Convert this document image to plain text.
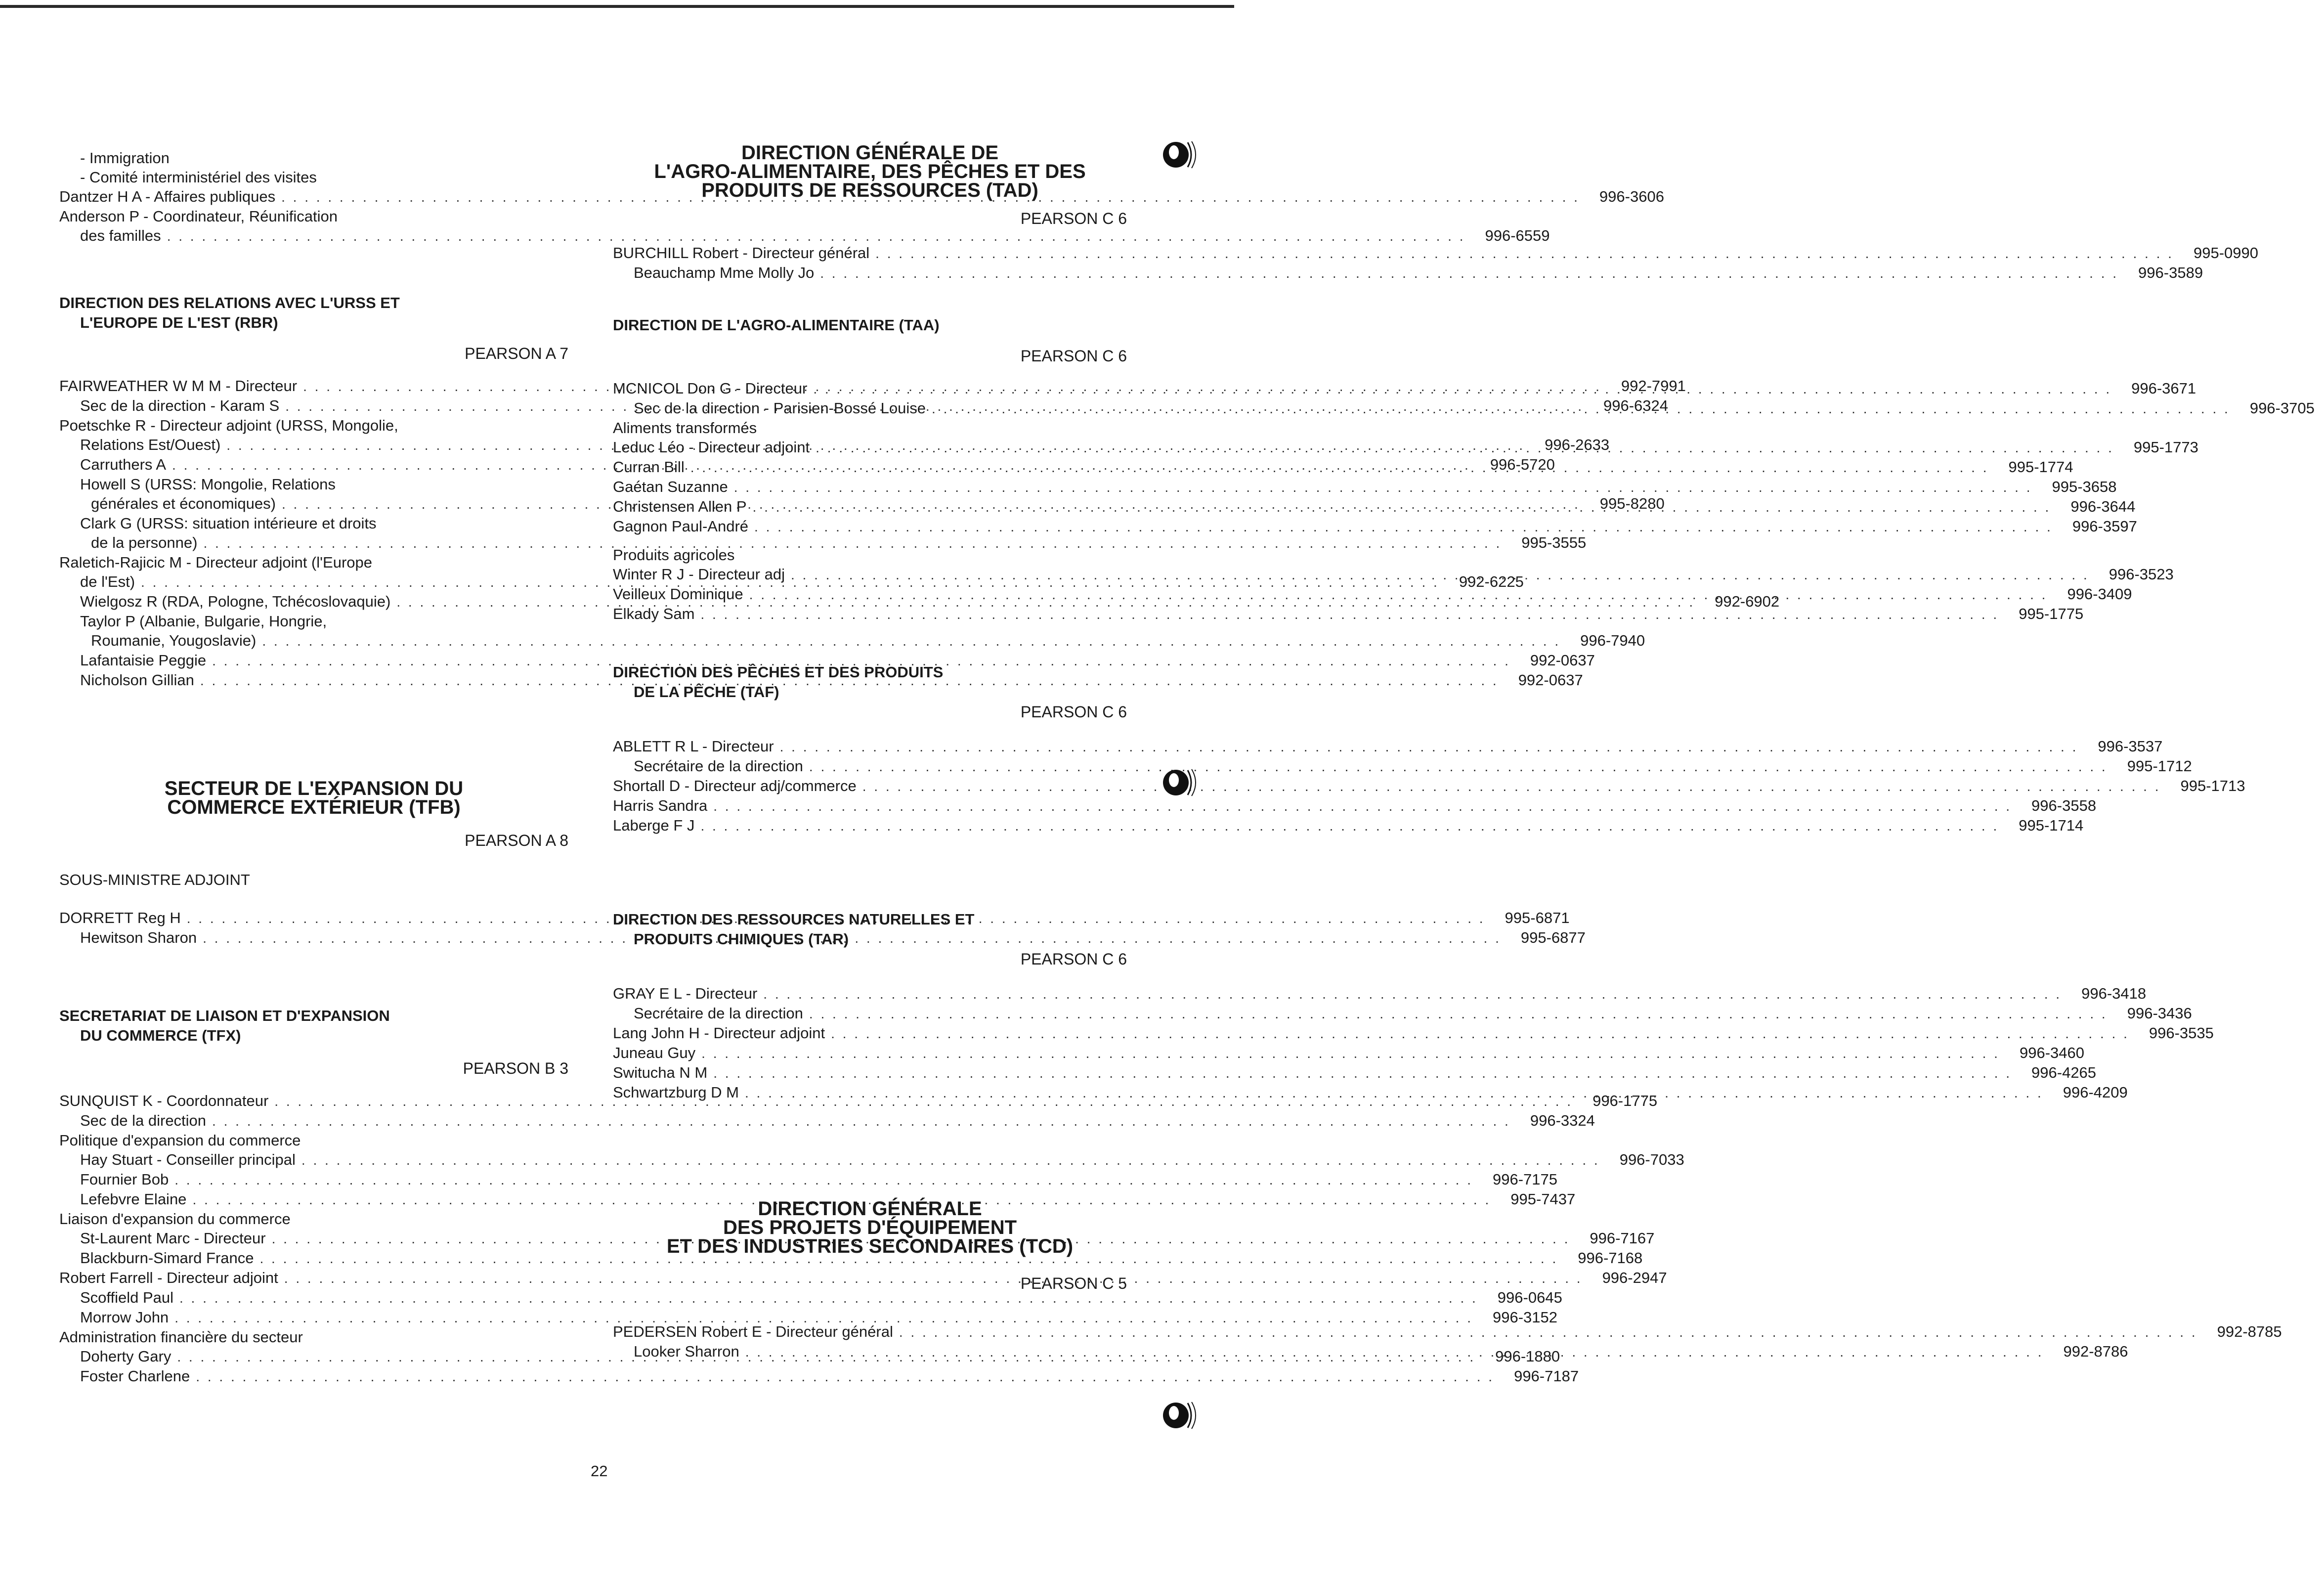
- Immigration
- Comité interministériel des visites
Dantzer H A - Affaires publiques . . .	996-3606
Anderson P - Coordinateur, Réunification
des familles . . .	996-6559
DIRECTION DES RELATIONS AVEC L'URSS ET
L'EUROPE DE L'EST (RBR)
PEARSON A 7
FAIRWEATHER W M M - Directeur . . .	992-7991
Sec de la direction - Karam S . . .	996-6324
Poetschke R - Directeur adjoint (URSS, Mongolie,
Relations Est/Ouest) . . .	996-2633
Carruthers A . . .	996-5720
Howell S (URSS: Mongolie, Relations
générales et économiques) . . .	995-8280
Clark G (URSS: situation intérieure et droits
de la personne) . . .	995-3555
Raletich-Rajicic M - Directeur adjoint (l'Europe
de l'Est) . . .	992-6225
Wielgosz R (RDA, Pologne, Tchécoslovaquie) . . .	992-6902
Taylor P (Albanie, Bulgarie, Hongrie,
Roumanie, Yougoslavie) . . .	996-7940
Lafantaisie Peggie . . .	992-0637
Nicholson Gillian . . .	992-0637
SECTEUR DE L'EXPANSION DU
COMMERCE EXTÉRIEUR (TFB)
PEARSON A 8
SOUS-MINISTRE ADJOINT
DORRETT Reg H . . .	995-6871
Hewitson Sharon . . .	995-6877
SECRETARIAT DE LIAISON ET D'EXPANSION
DU COMMERCE (TFX)
PEARSON B 3
SUNQUIST K - Coordonnateur . . .	996-1775
Sec de la direction . . .	996-3324
Politique d'expansion du commerce
Hay Stuart - Conseiller principal . . .	996-7033
Fournier Bob . . .	996-7175
Lefebvre Elaine . . .	995-7437
Liaison d'expansion du commerce
St-Laurent Marc - Directeur . . .	996-7167
Blackburn-Simard France . . .	996-7168
Robert Farrell - Directeur adjoint . . .	996-2947
Scoffield Paul . . .	996-0645
Morrow John . . .	996-3152
Administration financière du secteur
Doherty Gary . . .	996-1880
Foster Charlene . . .	996-7187
DIRECTION GÉNÉRALE DE
L'AGRO-ALIMENTAIRE, DES PÊCHES ET DES
PRODUITS DE RESSOURCES (TAD)
PEARSON C 6
BURCHILL Robert - Directeur général . . .	995-0990
Beauchamp Mme Molly Jo . . .	996-3589
DIRECTION DE L'AGRO-ALIMENTAIRE (TAA)
PEARSON C 6
MCNICOL Don G - Directeur . . .	996-3671
Sec de la direction - Parisien-Bossé Louise . . .	996-3705
Aliments transformés
Leduc Léo - Directeur adjoint . . .	995-1773
Curran Bill . . .	995-1774
Gaétan Suzanne . . .	995-3658
Christensen Allen P . . .	996-3644
Gagnon Paul-André . . .	996-3597
Produits agricoles
Winter R J - Directeur adj . . .	996-3523
Veilleux Dominique . . .	996-3409
Elkady Sam . . .	995-1775
DIRECTION DES PÊCHES ET DES PRODUITS
DE LA PÊCHE (TAF)
PEARSON C 6
ABLETT R L - Directeur . . .	996-3537
Secrétaire de la direction . . .	995-1712
Shortall D - Directeur adj/commerce . . .	995-1713
Harris Sandra . . .	996-3558
Laberge F J . . .	995-1714
DIRECTION DES RESSOURCES NATURELLES ET
PRODUITS CHIMIQUES (TAR)
PEARSON C 6
GRAY E L - Directeur . . .	996-3418
Secrétaire de la direction . . .	996-3436
Lang John H - Directeur adjoint . . .	996-3535
Juneau Guy . . .	996-3460
Switucha N M . . .	996-4265
Schwartzburg D M . . .	996-4209
DIRECTION GÉNÉRALE
DES PROJETS D'ÉQUIPEMENT
ET DES INDUSTRIES SECONDAIRES (TCD)
PEARSON C 5
PEDERSEN Robert E - Directeur général . . .	992-8785
Looker Sharron . . .	992-8786
22
